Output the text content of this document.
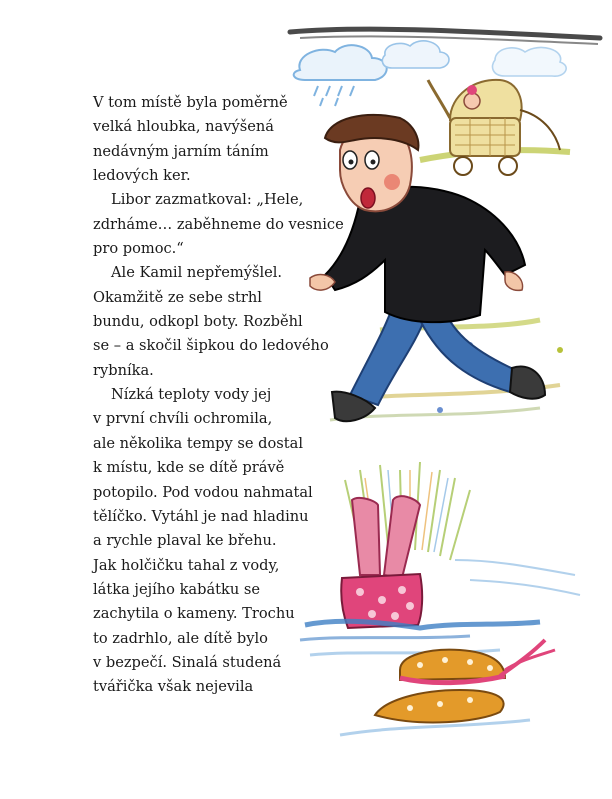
V tom místě byla poměrně
velká hloubka, navýšená
nedávným jarním táním
ledových ker.
Libor zazmatkoval: „Hele,
zdrháme… zaběhneme do vesnice
pro pomoc.“
Ale Kamil nepřemýšlel.
Okamžitě ze sebe strhl
bundu, odkopl boty. Rozběhl
se – a skočil šipkou do ledového
rybníka.
Nízká teploty vody jej
v první chvíli ochromila,
ale několika tempy se dostal
k místu, kde se dítě právě
potopilo. Pod vodou nahmatal
tělíčko. Vytáhl je nad hladinu
a rychle plaval ke břehu.
Jak holčičku tahal z vody,
látka jejího kabátku se
zachytila o kameny. Trochu
to zadrhlo, ale dítě bylo
v bezpečí. Sinalá studená
tvářička však nejevila
